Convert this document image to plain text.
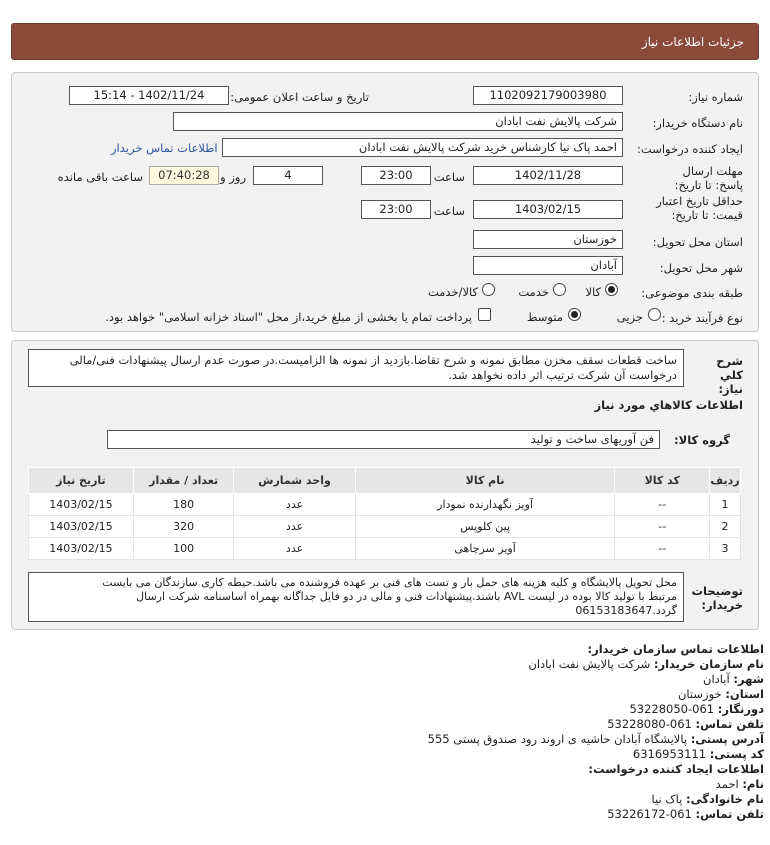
جزئیات اطلاعات نیاز
شماره نیاز:
1102092179003980
تاریخ و ساعت اعلان عمومی:
1402/11/24 - 15:14
نام دستگاه خریدار:
شرکت پالایش نفت ابادان
ایجاد کننده درخواست:
احمد پاک نیا کارشناس خرید شرکت پالایش نفت ابادان
اطلاعات تماس خریدار
مهلت ارسال پاسخ: تا تاریخ:
1402/11/28
ساعت
23:00
4
روز و
07:40:28
ساعت باقی مانده
حداقل تاریخ اعتبار قیمت: تا تاریخ:
1403/02/15
ساعت
23:00
استان محل تحویل:
خوزستان
شهر محل تحویل:
آبادان
طبقه بندی موضوعی:
کالا
خدمت
کالا/خدمت
نوع فرآیند خرید :
جزیی
متوسط
پرداخت تمام یا بخشی از مبلغ خرید،از محل "اسناد خزانه اسلامی" خواهد بود.
شرح کلي نیاز:
ساخت قطعات سقف مخزن مطابق نمونه و شرح تقاضا.بازدید از نمونه ها الزامیست.در صورت عدم ارسال پیشنهادات فنی/مالی
درخواست آن شرکت ترتیب اثر داده نخواهد شد.
اطلاعات کالاهاي مورد نیاز
گروه کالا:
فن آوریهای ساخت و تولید
ردیف	کد کالا	نام کالا	واحد شمارش	تعداد / مقدار	تاریخ نیاز
1	--	آویز نگهدارنده نمودار	عدد	180	1403/02/15
2	--	پین کلوپس	عدد	320	1403/02/15
3	--	آویز سرچاهی	عدد	100	1403/02/15
توضیحات خریدار:
محل تحویل پالایشگاه و کلیه هزینه های حمل بار و تست های فنی بر عهده فروشنده می باشد.حیطه کاری سازندگان می بایست
مرتبط با تولید کالا بوده در لیست AVL باشند.پیشنهادات فنی و مالی در دو فایل جداگانه بهمراه اساسنامه شرکت ارسال
گردد.06153183647
اطلاعات تماس سازمان خریدار:
نام سازمان خریدار: شرکت پالایش نفت ابادان
شهر: آبادان
استان: خوزستان
دورنگار: 061-53228050
تلفن تماس: 061-53228080
آدرس پستی: پالایشگاه آبادان حاشیه ی اروند رود صندوق پستی 555
کد پستی: 6316953111
اطلاعات ایجاد کننده درخواست:
نام: احمد
نام خانوادگی: پاک نیا
تلفن تماس: 061-53226172
